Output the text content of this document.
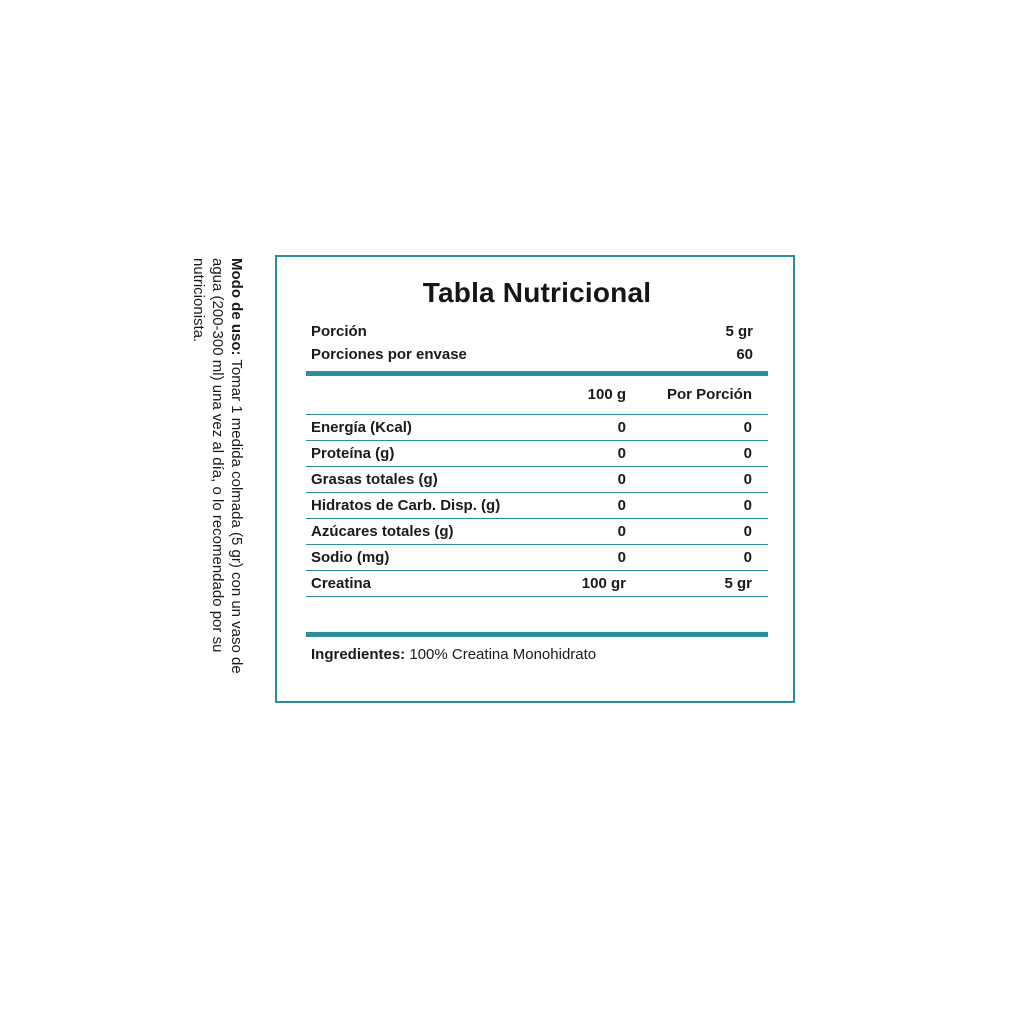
Modo de uso: Tomar 1 medida colmada (5 gr) con un vaso de agua (200-300 ml) una vez al día, o lo recomendado por su nutricionista.	Tabla Nutricional
Porción	5 gr
Porciones por envase	60
100 g	Por Porción
Energía (Kcal)	0	0
Proteína (g)	0	0
Grasas totales (g)	0	0
Hidratos de Carb. Disp. (g)	0	0
Azúcares totales (g)	0	0
Sodio (mg)	0	0
Creatina	100 gr	5 gr
Ingredientes: 100% Creatina Monohidrato
